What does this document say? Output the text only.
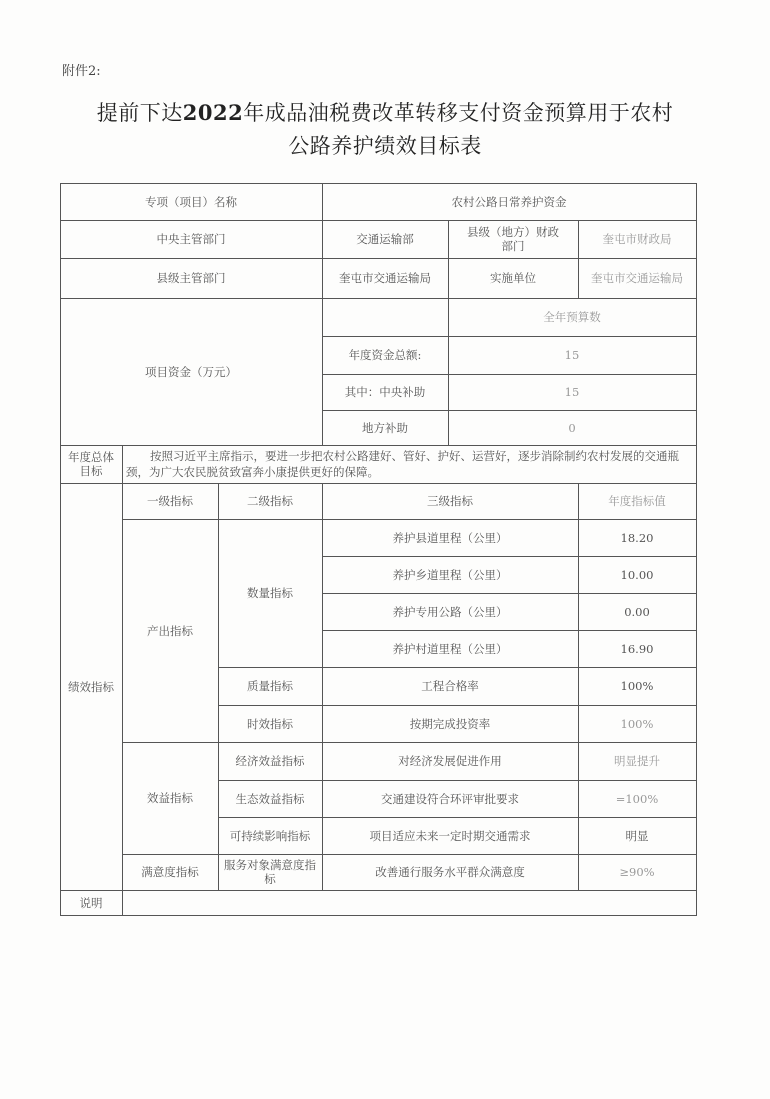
附件2:
提前下达2022年成品油税费改革转移支付资金预算用于农村
公路养护绩效目标表
专项（项目）名称	农村公路日常养护资金
中央主管部门	交通运输部	县级（地方）财政部门	奎屯市财政局
县级主管部门	奎屯市交通运输局	实施单位	奎屯市交通运输局
项目资金（万元）
全年预算数
年度资金总额:	15
其中：中央补助	15
地方补助	0
年度总体目标
按照习近平主席指示，要进一步把农村公路建好、管好、护好、运营好，逐步消除制约农村发展的交通瓶颈，为广大农民脱贫致富奔小康提供更好的保障。
绩效指标
一级指标	二级指标	三级指标	年度指标值
产出指标
数量指标
养护县道里程（公里）	18.20
养护乡道里程（公里）	10.00
养护专用公路（公里）	0.00
养护村道里程（公里）	16.90
质量指标	工程合格率	100%
时效指标	按期完成投资率	100%
效益指标
经济效益指标	对经济发展促进作用	明显提升
生态效益指标	交通建设符合环评审批要求	=100%
可持续影响指标	项目适应未来一定时期交通需求	明显
满意度指标	服务对象满意度指标	改善通行服务水平群众满意度	≥90%
说明
